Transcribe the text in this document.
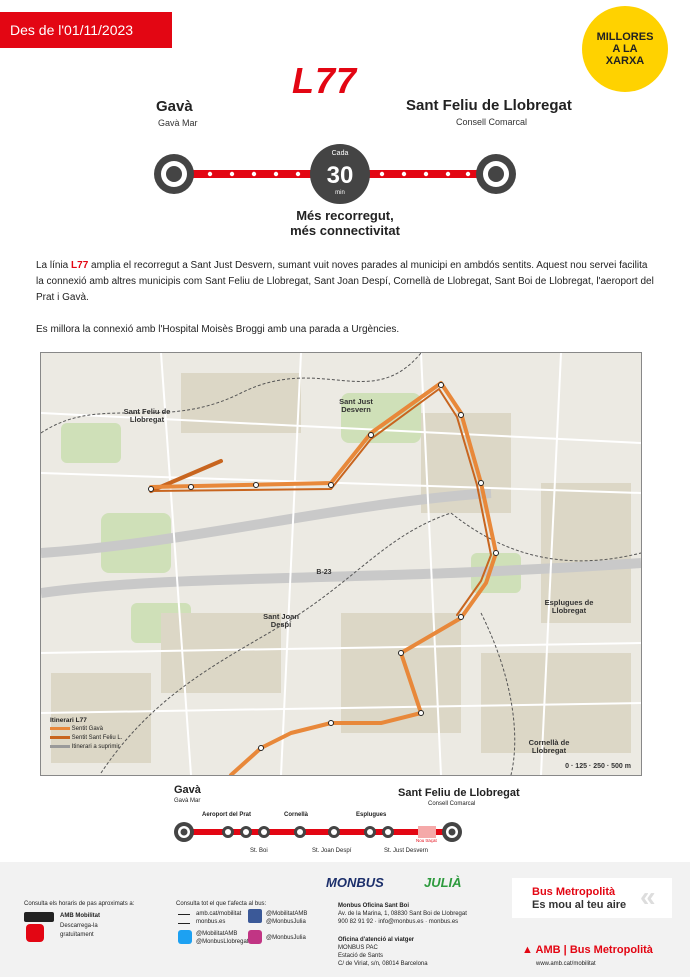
Des de l'01/11/2023	MILLORES
A LA
XARXA
L77
Gavà
Gavà Mar
Sant Feliu de Llobregat
Consell Comarcal
Cada
30
min
Més recorregut,
més connectivitat
La línia L77 amplia el recorregut a Sant Just Desvern, sumant vuit noves parades al municipi en ambdós sentits. Aquest nou servei facilita la connexió amb altres municipis com Sant Feliu de Llobregat, Sant Joan Despí, Cornellà de Llobregat, Sant Boi de Llobregat, l'aeroport del Prat i Gavà.
Es millora la connexió amb l'Hospital Moisès Broggi amb una parada a Urgències.
Sant Feliu de Llobregat
Sant Just Desvern
Sant Joan Despí
Esplugues de Llobregat
Cornellà de Llobregat
B-23
0 · 125 · 250 · 500 m
Itinerari L77
Sentit Gavà
Sentit Sant Feliu L.
Itinerari a suprimir
Gavà
Gavà Mar
Sant Feliu de Llobregat
Consell Comarcal
Aeroport del Prat	Cornellà	Esplugues
St. Boi	St. Joan Despí	St. Just Desvern
Nou traçat
Consulta els horaris de pas aproximats a:
AMB Mobilitat
Descarrega-la
gratuïtament
Consulta tot el que t'afecta al bus:
amb.cat/mobilitat
monbus.es
@MobilitatAMB
@MonbusJulia
@MobilitatAMB
@MonbusLlobregat
@MonbusJulia
MONBUS	JULIÀ
Monbus Oficina Sant Boi
Av. de la Marina, 1, 08830 Sant Boi de Llobregat
900 82 91 92 · info@monbus.es · monbus.es
Oficina d'atenció al viatger
MONBUS PAC
Estació de Sants
C/ de Viriat, s/n, 08014 Barcelona
Bus Metropolità
Es mou al teu aire «
▲ AMB | Bus Metropolità
www.amb.cat/mobilitat
